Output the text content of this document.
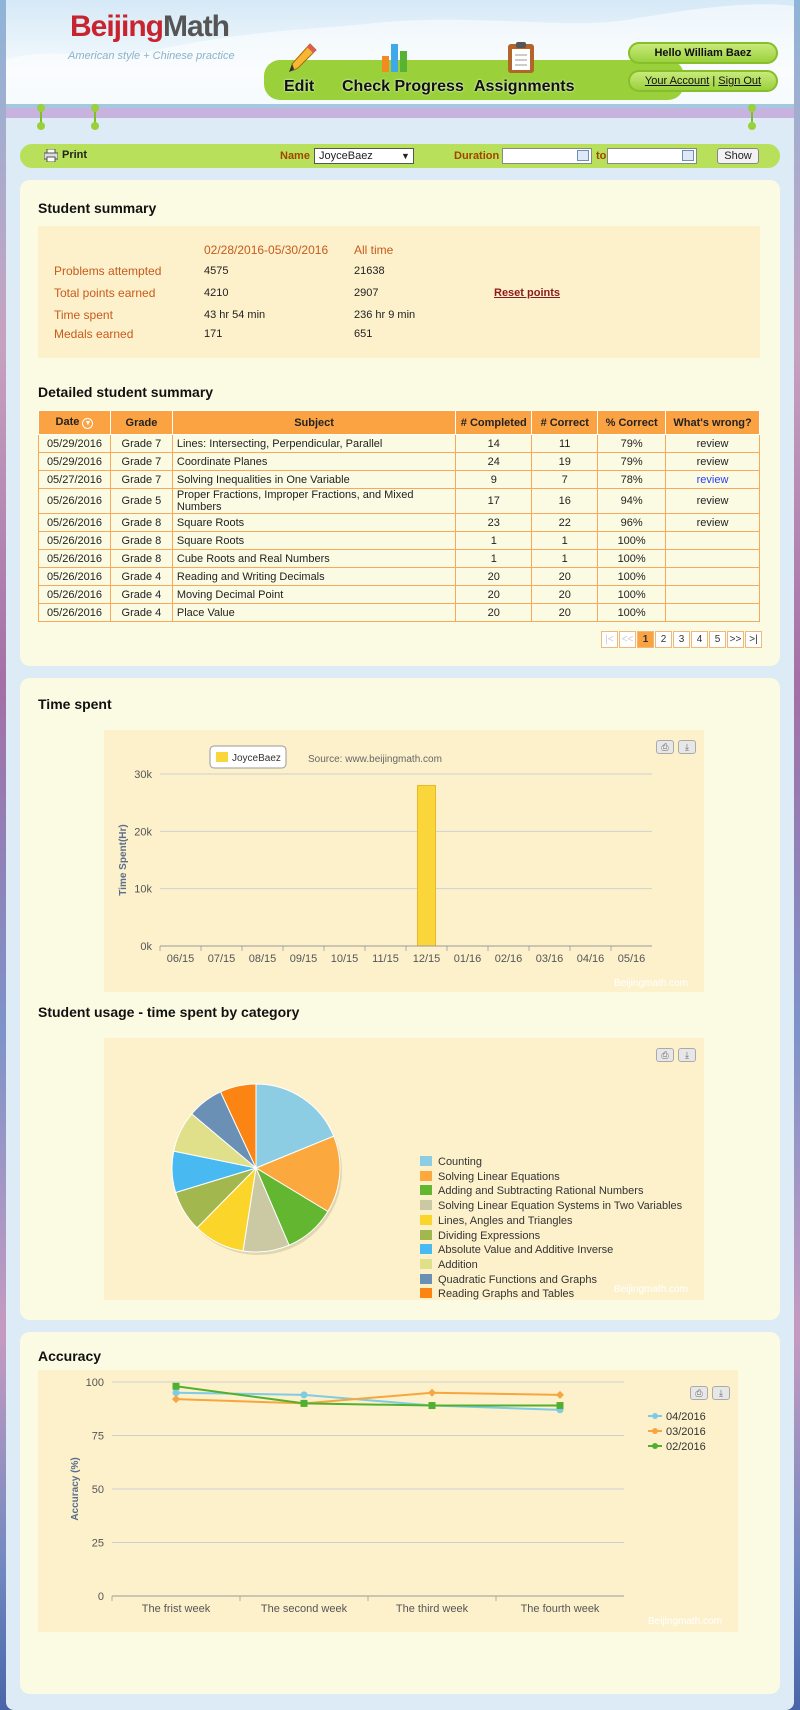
BeijingMath
American style + Chinese practice
Edit Check Progress Assignments
Hello William Baez
Your Account | Sign Out
Print	Name JoyceBaez	▼	Duration	to	Show
Student summary
02/28/2016-05/30/2016 All time
Problems attempted	4575	21638
Total points earned	4210	2907	Reset points
Time spent	43 hr 54 min	236 hr 9 min
Medals earned	171	651
Detailed student summary
Date ▼	Grade	Subject	# Completed	# Correct	% Correct	What's wrong?
05/29/2016	Grade 7	Lines: Intersecting, Perpendicular, Parallel	14	11	79%	review
05/29/2016	Grade 7	Coordinate Planes	24	19	79%	review
05/27/2016	Grade 7	Solving Inequalities in One Variable	9	7	78%	review
05/26/2016	Grade 5	Proper Fractions, Improper Fractions, and Mixed Numbers	17	16	94%	review
05/26/2016	Grade 8	Square Roots	23	22	96%	review
05/26/2016	Grade 8	Square Roots	1	1	100%	
05/26/2016	Grade 8	Cube Roots and Real Numbers	1	1	100%	
05/26/2016	Grade 4	Reading and Writing Decimals	20	20	100%	
05/26/2016	Grade 4	Moving Decimal Point	20	20	100%	
05/26/2016	Grade 4	Place Value	20	20	100%	
|< << 1 2 3 4 5 >> >|
Time spent
0k
10k
20k
30k
Time Spent(Hr)
06/15 07/15 08/15 09/15 10/15 11/15 12/15 01/16 02/16 03/16 04/16 05/16
JoyceBaez	Source: www.beijingmath.com
Beijingmath.com
⎙	⤓
Student usage - time spent by category
⎙	⤓
Counting
Solving Linear Equations
Adding and Subtracting Rational Numbers
Solving Linear Equation Systems in Two Variables
Lines, Angles and Triangles
Dividing Expressions
Absolute Value and Additive Inverse
Addition
Quadratic Functions and Graphs
Reading Graphs and Tables	Beijingmath.com
Accuracy
0
25
50
75
100
Accuracy (%)
The frist week	The second week	The third week	The fourth week
04/2016
03/2016
02/2016
⎙	⤓
Beijingmath.com
